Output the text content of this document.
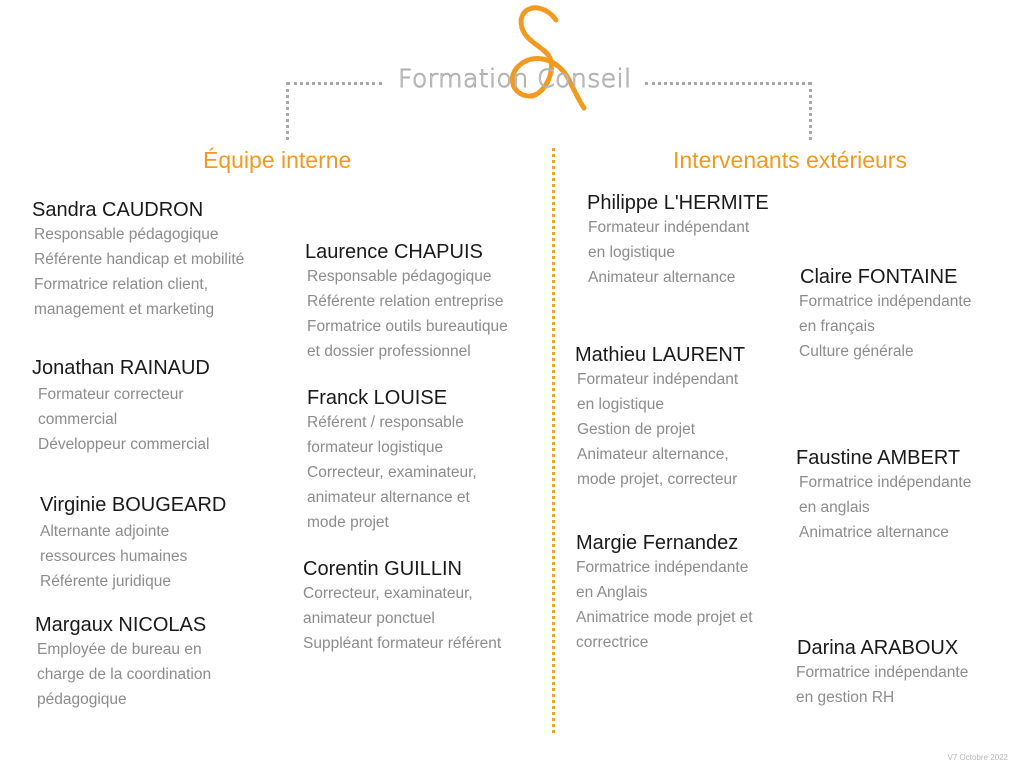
Formation Conseil
Équipe interne	Intervenants extérieurs
Sandra CAUDRON
Responsable pédagogique
Référente handicap et mobilité
Formatrice relation client,
management et marketing
Jonathan RAINAUD
Formateur correcteur
commercial
Développeur commercial
Virginie BOUGEARD
Alternante adjointe
ressources humaines
Référente juridique
Margaux NICOLAS
Employée de bureau en
charge de la coordination
pédagogique
Laurence CHAPUIS
Responsable pédagogique
Référente relation entreprise
Formatrice outils bureautique
et dossier professionnel
Franck LOUISE
Référent / responsable
formateur logistique
Correcteur, examinateur,
animateur alternance et
mode projet
Corentin GUILLIN
Correcteur, examinateur,
animateur ponctuel
Suppléant formateur référent
Philippe L'HERMITE
Formateur indépendant
en logistique
Animateur alternance
Mathieu LAURENT
Formateur indépendant
en logistique
Gestion de projet
Animateur alternance,
mode projet, correcteur
Margie Fernandez
Formatrice indépendante
en Anglais
Animatrice mode projet et
correctrice
Claire FONTAINE
Formatrice indépendante
en français
Culture générale
Faustine AMBERT
Formatrice indépendante
en anglais
Animatrice alternance
Darina ARABOUX
Formatrice indépendante
en gestion RH
V7 Octobre 2022
